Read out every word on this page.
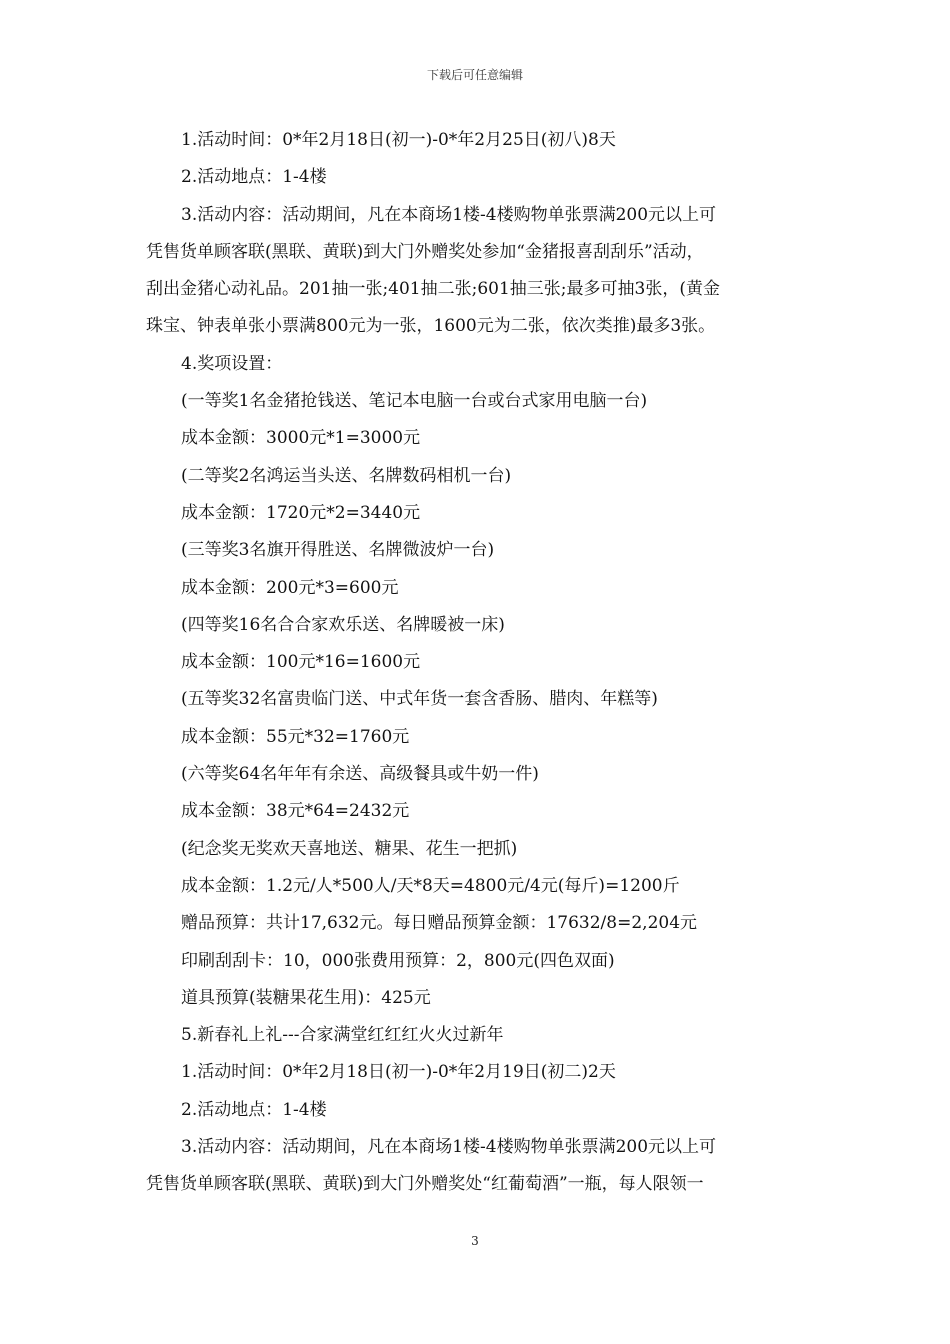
下载后可任意编辑
1.活动时间：0*年2月18日(初一)-0*年2月25日(初八)8天
2.活动地点：1-4楼
3.活动内容：活动期间，凡在本商场1楼-4楼购物单张票满200元以上可
凭售货单顾客联(黑联、黄联)到大门外赠奖处参加“金猪报喜刮刮乐”活动，
刮出金猪心动礼品。201抽一张;401抽二张;601抽三张;最多可抽3张，(黄金
珠宝、钟表单张小票满800元为一张，1600元为二张，依次类推)最多3张。
4.奖项设置：
(一等奖1名金猪抢钱送、笔记本电脑一台或台式家用电脑一台)
成本金额：3000元*1=3000元
(二等奖2名鸿运当头送、名牌数码相机一台)
成本金额：1720元*2=3440元
(三等奖3名旗开得胜送、名牌微波炉一台)
成本金额：200元*3=600元
(四等奖16名合合家欢乐送、名牌暖被一床)
成本金额：100元*16=1600元
(五等奖32名富贵临门送、中式年货一套含香肠、腊肉、年糕等)
成本金额：55元*32=1760元
(六等奖64名年年有余送、高级餐具或牛奶一件)
成本金额：38元*64=2432元
(纪念奖无奖欢天喜地送、糖果、花生一把抓)
成本金额：1.2元/人*500人/天*8天=4800元/4元(每斤)=1200斤
赠品预算：共计17,632元。每日赠品预算金额：17632/8=2,204元
印刷刮刮卡：10，000张费用预算：2，800元(四色双面)
道具预算(装糖果花生用)：425元
5.新春礼上礼---合家满堂红红红火火过新年
1.活动时间：0*年2月18日(初一)-0*年2月19日(初二)2天
2.活动地点：1-4楼
3.活动内容：活动期间，凡在本商场1楼-4楼购物单张票满200元以上可
凭售货单顾客联(黑联、黄联)到大门外赠奖处“红葡萄酒”一瓶，每人限领一
3
